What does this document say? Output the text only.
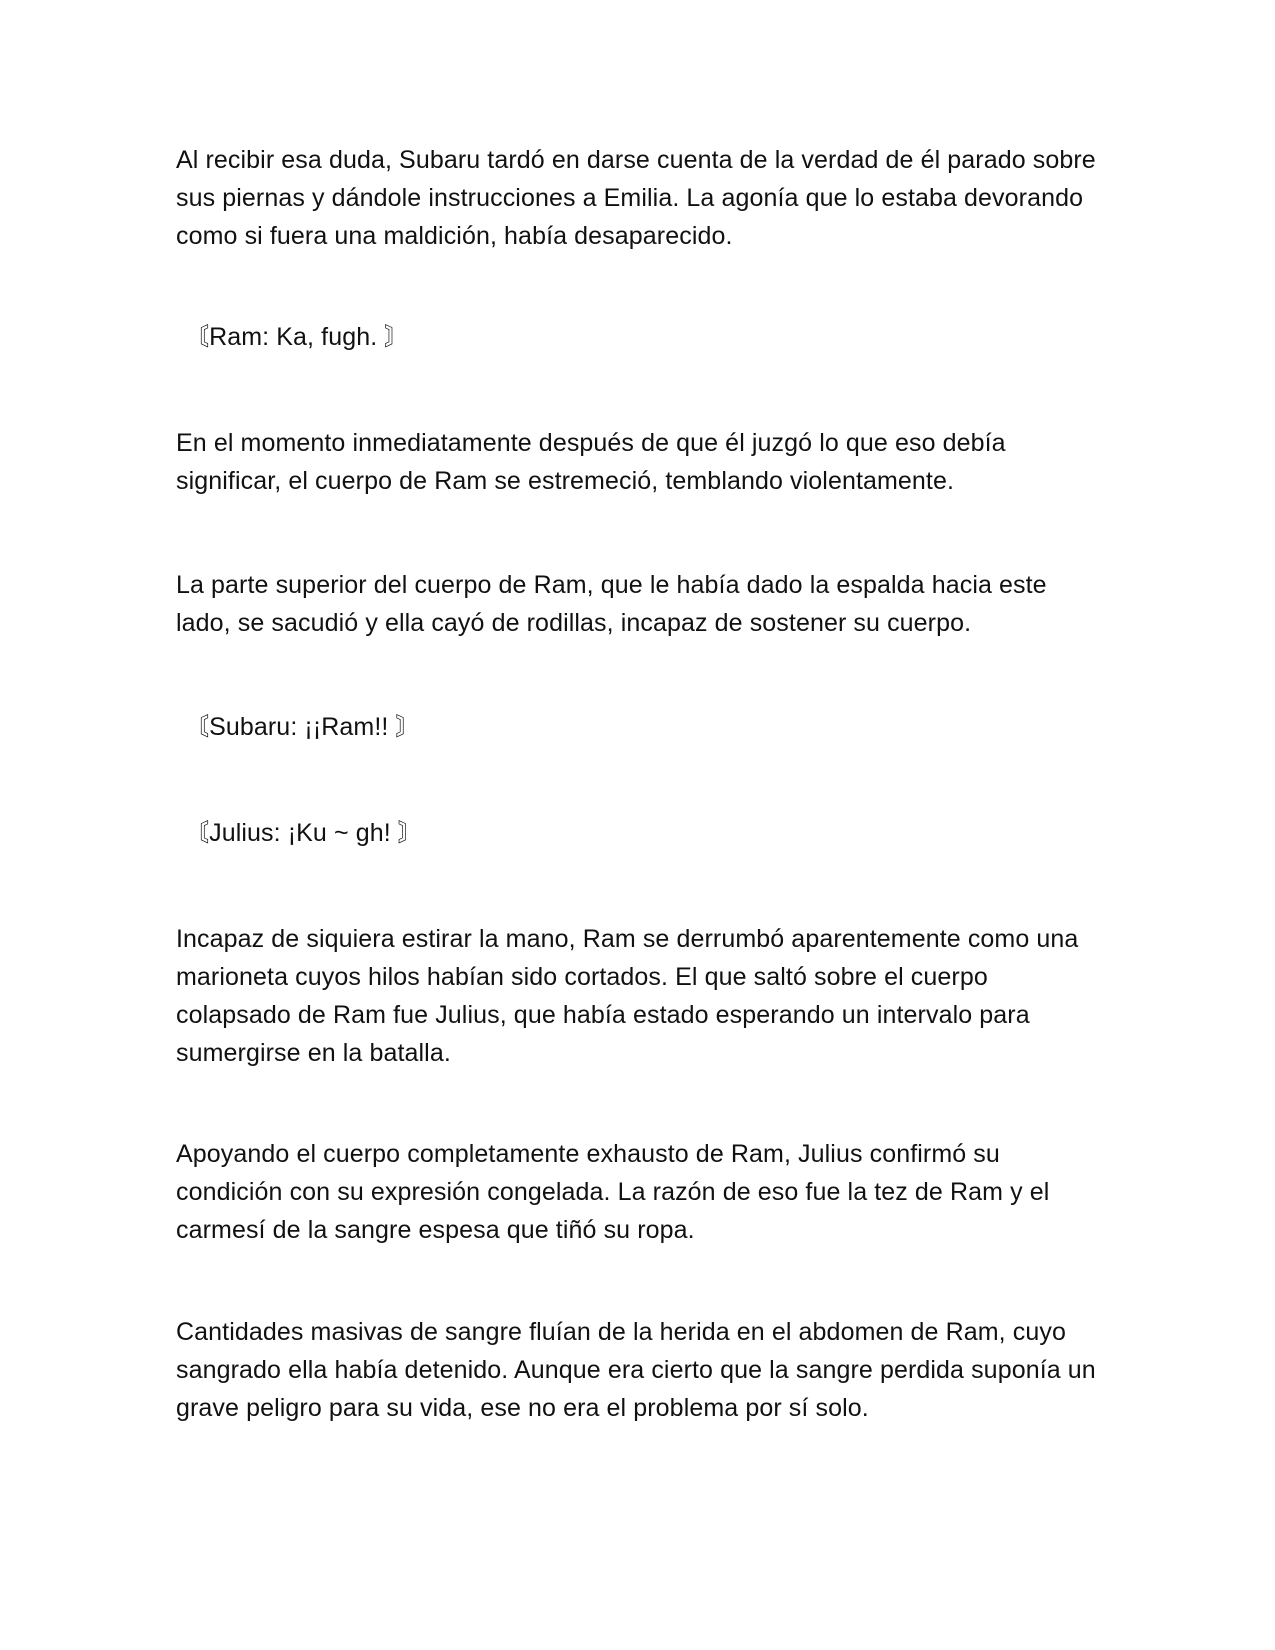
Al recibir esa duda, Subaru tardó en darse cuenta de la verdad de él parado sobre sus piernas y dándole instrucciones a Emilia. La agonía que lo estaba devorando como si fuera una maldición, había desaparecido.

〘Ram: Ka, fugh. 〙

En el momento inmediatamente después de que él juzgó lo que eso debía significar, el cuerpo de Ram se estremeció, temblando violentamente.

La parte superior del cuerpo de Ram, que le había dado la espalda hacia este lado, se sacudió y ella cayó de rodillas, incapaz de sostener su cuerpo.

〘Subaru: ¡¡Ram!! 〙

〘Julius: ¡Ku ~ gh! 〙

Incapaz de siquiera estirar la mano, Ram se derrumbó aparentemente como una marioneta cuyos hilos habían sido cortados. El que saltó sobre el cuerpo colapsado de Ram fue Julius, que había estado esperando un intervalo para sumergirse en la batalla.

Apoyando el cuerpo completamente exhausto de Ram, Julius confirmó su condición con su expresión congelada. La razón de eso fue la tez de Ram y el carmesí de la sangre espesa que tiñó su ropa.

Cantidades masivas de sangre fluían de la herida en el abdomen de Ram, cuyo sangrado ella había detenido. Aunque era cierto que la sangre perdida suponía un grave peligro para su vida, ese no era el problema por sí solo.
